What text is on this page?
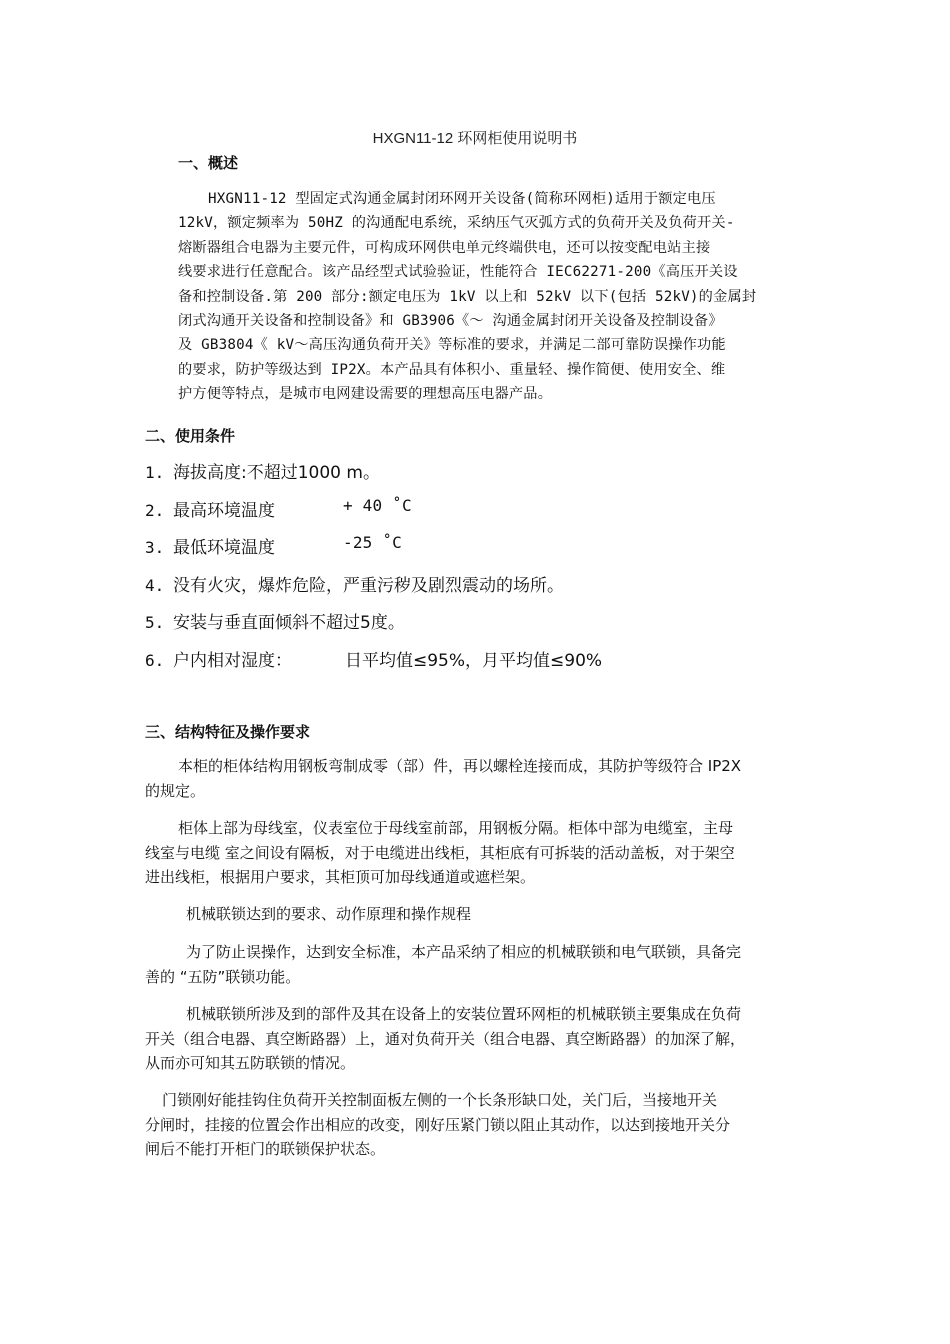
HXGN11-12 环网柜使用说明书
一、概述
HXGN11-12 型固定式沟通金属封闭环网开关设备(简称环网柜)适用于额定电压
12kV，额定频率为 50HZ 的沟通配电系统，采纳压气灭弧方式的负荷开关及负荷开关-
熔断器组合电器为主要元件，可构成环网供电单元终端供电，还可以按变配电站主接
线要求进行任意配合。该产品经型式试验验证，性能符合 IEC62271-200《高压开关设
备和控制设备.第 200 部分:额定电压为 1kV 以上和 52kV 以下(包括 52kV)的金属封
闭式沟通开关设备和控制设备》和 GB3906《～ 沟通金属封闭开关设备及控制设备》
及 GB3804《 kV～高压沟通负荷开关》等标准的要求，并满足二部可靠防误操作功能
的要求，防护等级达到 IP2X。本产品具有体积小、重量轻、操作简便、使用安全、维
护方便等特点，是城市电网建设需要的理想高压电器产品。
二、使用条件
1. 海拔高度:不超过1000 m。
2. 最高环境温度	+ 40 ˚C
3. 最低环境温度	-25 ˚C
4. 没有火灾，爆炸危险，严重污秽及剧烈震动的场所。
5. 安装与垂直面倾斜不超过5度。
6. 户内相对湿度：	日平均值≤95%，月平均值≤90%
三、结构特征及操作要求
本柜的柜体结构用钢板弯制成零（部）件，再以螺栓连接而成，其防护等级符合 IP2X
的规定。
柜体上部为母线室，仪表室位于母线室前部，用钢板分隔。柜体中部为电缆室，主母
线室与电缆 室之间设有隔板，对于电缆进出线柜，其柜底有可拆装的活动盖板，对于架空
进出线柜，根据用户要求，其柜顶可加母线通道或遮栏架。
机械联锁达到的要求、动作原理和操作规程
为了防止误操作，达到安全标准，本产品采纳了相应的机械联锁和电气联锁，具备完
善的 “五防”联锁功能。
机械联锁所涉及到的部件及其在设备上的安装位置环网柜的机械联锁主要集成在负荷
开关（组合电器、真空断路器）上，通对负荷开关（组合电器、真空断路器）的加深了解，
从而亦可知其五防联锁的情况。
门锁刚好能挂钩住负荷开关控制面板左侧的一个长条形缺口处，关门后，当接地开关
分闸时，挂接的位置会作出相应的改变，刚好压紧门锁以阻止其动作，以达到接地开关分
闸后不能打开柜门的联锁保护状态。
